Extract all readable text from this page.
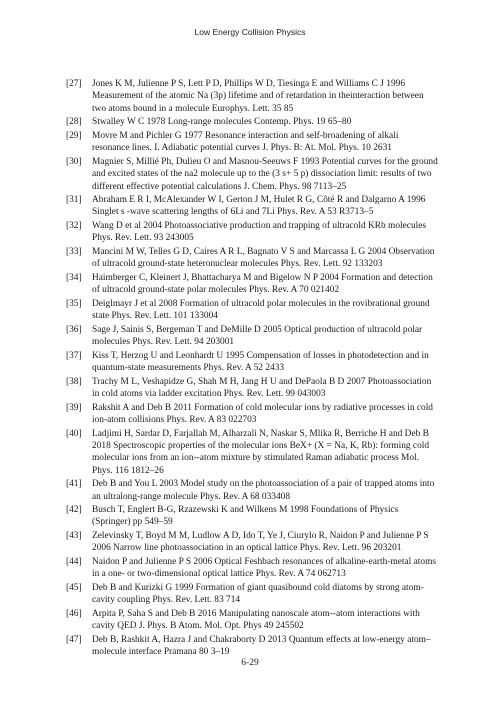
Low Energy Collision Physics
[27] Jones K M, Julienne P S, Lett P D, Phillips W D, Tiesinga E and Williams C J 1996 Measurement of the atomic Na (3p) lifetime and of retardation in theinteraction between two atoms bound in a molecule Europhys. Lett. 35 85
[28] Stwalley W C 1978 Long-range molecules Contemp. Phys. 19 65–80
[29] Movre M and Pichler G 1977 Resonance interaction and self-broadening of alkali resonance lines. I. Adiabatic potential curves J. Phys. B: At. Mol. Phys. 10 2631
[30] Magnier S, Millié Ph, Dulieu O and Masnou-Seeuws F 1993 Potential curves for the ground and excited states of the na2 molecule up to the (3 s+ 5 p) dissociation limit: results of two different effective potential calculations J. Chem. Phys. 98 7113–25
[31] Abraham E R I, McAlexander W I, Gerton J M, Hulet R G, Côté R and Dalgarno A 1996 Singlet s -wave scattering lengths of 6Li and 7Li Phys. Rev. A 53 R3713–5
[32] Wang D et al 2004 Photoassociative production and trapping of ultracold KRb molecules Phys. Rev. Lett. 93 243005
[33] Mancini M W, Telles G D, Caires A R L, Bagnato V S and Marcassa L G 2004 Observation of ultracold ground-state heteronuclear molecules Phys. Rev. Lett. 92 133203
[34] Haimberger C, Kleinert J, Bhattacharya M and Bigelow N P 2004 Formation and detection of ultracold ground-state polar molecules Phys. Rev. A 70 021402
[35] Deiglmayr J et al 2008 Formation of ultracold polar molecules in the rovibrational ground state Phys. Rev. Lett. 101 133004
[36] Sage J, Sainis S, Bergeman T and DeMille D 2005 Optical production of ultracold polar molecules Phys. Rev. Lett. 94 203001
[37] Kiss T, Herzog U and Leonhardt U 1995 Compensation of losses in photodetection and in quantum-state measurements Phys. Rev. A 52 2433
[38] Trachy M L, Veshapidze G, Shah M H, Jang H U and DePaola B D 2007 Photoassociation in cold atoms via ladder excitation Phys. Rev. Lett. 99 043003
[39] Rakshit A and Deb B 2011 Formation of cold molecular ions by radiative processes in cold ion-atom collisions Phys. Rev. A 83 022703
[40] Ladjimi H, Sardar D, Farjallah M, Alharzali N, Naskar S, Mlika R, Berriche H and Deb B 2018 Spectroscopic properties of the molecular ions BeX+ (X = Na, K, Rb): forming cold molecular ions from an ion--atom mixture by stimulated Raman adiabatic process Mol. Phys. 116 1812–26
[41] Deb B and You L 2003 Model study on the photoassociation of a pair of trapped atoms into an ultralong-range molecule Phys. Rev. A 68 033408
[42] Busch T, Englert B-G, Rzazewski K and Wilkens M 1998 Foundations of Physics (Springer) pp 549–59
[43] Zelevinsky T, Boyd M M, Ludlow A D, Ido T, Ye J, Ciurylo R, Naidon P and Julienne P S 2006 Narrow line photoassociation in an optical lattice Phys. Rev. Lett. 96 203201
[44] Naidon P and Julienne P S 2006 Optical Feshbach resonances of alkaline-earth-metal atoms in a one- or two-dimensional optical lattice Phys. Rev. A 74 062713
[45] Deb B and Kurizki G 1999 Formation of giant quasibound cold diatoms by strong atom-cavity coupling Phys. Rev. Lett. 83 714
[46] Arpita P, Saha S and Deb B 2016 Manipulating nanoscale atom--atom interactions with cavity QED J. Phys. B Atom. Mol. Opt. Phys 49 245502
[47] Deb B, Rashkit A, Hazra J and Chakraborty D 2013 Quantum effects at low-energy atom–molecule interface Pramana 80 3–19
6-29
